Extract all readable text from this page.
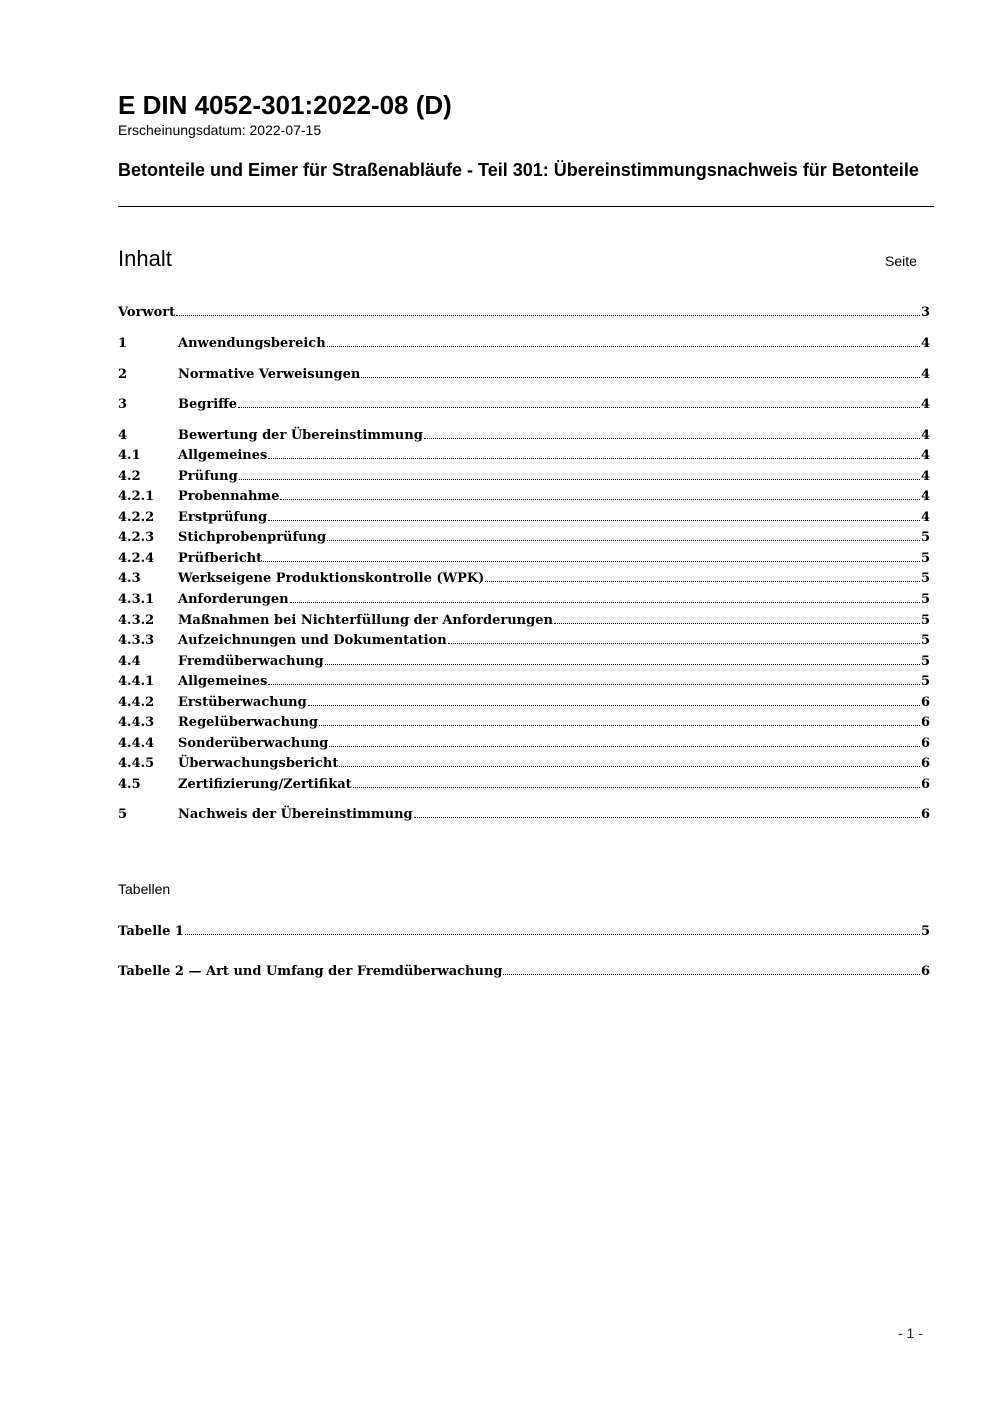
E DIN 4052-301:2022-08 (D)
Erscheinungsdatum: 2022-07-15
Betonteile und Eimer für Straßenabläufe - Teil 301: Übereinstimmungsnachweis für Betonteile
Inhalt	Seite
Vorwort	3
1	Anwendungsbereich	4
2	Normative Verweisungen	4
3	Begriffe	4
4	Bewertung der Übereinstimmung	4
4.1	Allgemeines	4
4.2	Prüfung	4
4.2.1	Probennahme	4
4.2.2	Erstprüfung	4
4.2.3	Stichprobenprüfung	5
4.2.4	Prüfbericht	5
4.3	Werkseigene Produktionskontrolle (WPK)	5
4.3.1	Anforderungen	5
4.3.2	Maßnahmen bei Nichterfüllung der Anforderungen	5
4.3.3	Aufzeichnungen und Dokumentation	5
4.4	Fremdüberwachung	5
4.4.1	Allgemeines	5
4.4.2	Erstüberwachung	6
4.4.3	Regelüberwachung	6
4.4.4	Sonderüberwachung	6
4.4.5	Überwachungsbericht	6
4.5	Zertifizierung/Zertifikat	6
5	Nachweis der Übereinstimmung	6
Tabellen
Tabelle 1	5
Tabelle 2 — Art und Umfang der Fremdüberwachung	6
- 1 -
